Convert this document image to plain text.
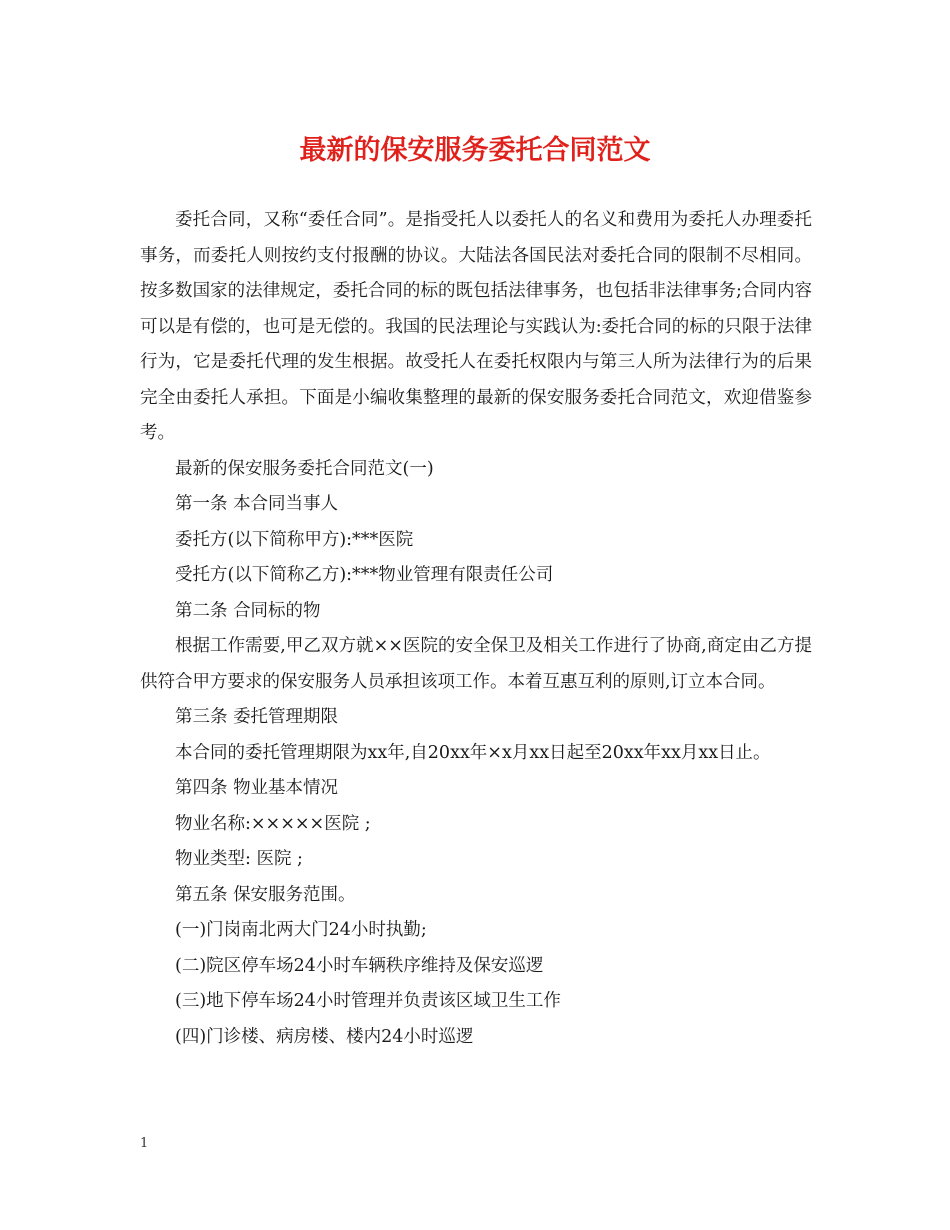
最新的保安服务委托合同范文

委托合同，又称“委任合同”。是指受托人以委托人的名义和费用为委托人办理委托事务，而委托人则按约支付报酬的协议。大陆法各国民法对委托合同的限制不尽相同。按多数国家的法律规定，委托合同的标的既包括法律事务，也包括非法律事务;合同内容可以是有偿的，也可是无偿的。我国的民法理论与实践认为:委托合同的标的只限于法律行为，它是委托代理的发生根据。故受托人在委托权限内与第三人所为法律行为的后果完全由委托人承担。下面是小编收集整理的最新的保安服务委托合同范文，欢迎借鉴参考。

最新的保安服务委托合同范文(一)

第一条 本合同当事人

委托方(以下简称甲方):***医院

受托方(以下简称乙方):***物业管理有限责任公司

第二条 合同标的物

根据工作需要,甲乙双方就××医院的安全保卫及相关工作进行了协商,商定由乙方提供符合甲方要求的保安服务人员承担该项工作。本着互惠互利的原则,订立本合同。

第三条 委托管理期限

本合同的委托管理期限为xx年,自20xx年×x月xx日起至20xx年xx月xx日止。

第四条 物业基本情况

物业名称:×××××医院 ;

物业类型: 医院 ;

第五条 保安服务范围。

(一)门岗南北两大门24小时执勤;

(二)院区停车场24小时车辆秩序维持及保安巡逻

(三)地下停车场24小时管理并负责该区域卫生工作

(四)门诊楼、病房楼、楼内24小时巡逻

1
